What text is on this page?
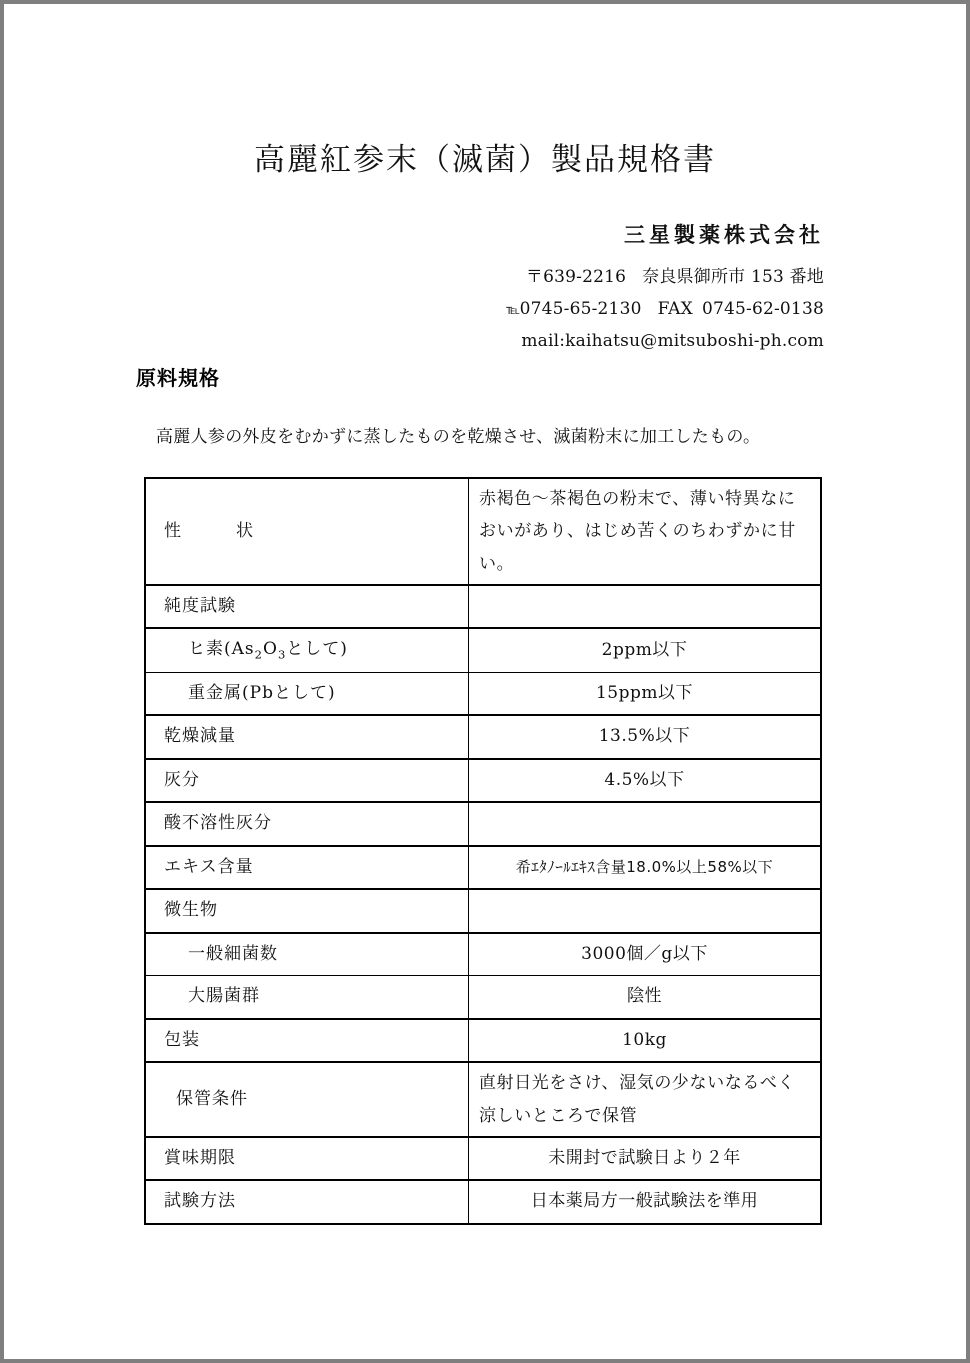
高麗紅参末（滅菌）製品規格書
三星製薬株式会社
〒639-2216 奈良県御所市 153 番地
℡0745-65-2130 FAX 0745-62-0138
mail:kaihatsu@mitsuboshi-ph.com
原料規格
高麗人参の外皮をむかずに蒸したものを乾燥させ、滅菌粉末に加工したもの。
性 状	赤褐色～茶褐色の粉末で、薄い特異なにおいがあり、はじめ苦くのちわずかに甘い。

純度試験	

ヒ素($As_2O_3$として)	2ppm以下

重金属(Pbとして)	15ppm以下

乾燥減量	13.5%以下

灰分	4.5%以下

酸不溶性灰分	

エキス含量	希ｴﾀﾉｰﾙｴｷｽ含量18.0%以上58%以下

微生物	

一般細菌数	3000個／g以下

大腸菌群	陰性

包装	10kg

保管条件	直射日光をさけ、湿気の少ないなるべく涼しいところで保管

賞味期限	未開封で試験日より２年

試験方法	日本薬局方一般試験法を準用
